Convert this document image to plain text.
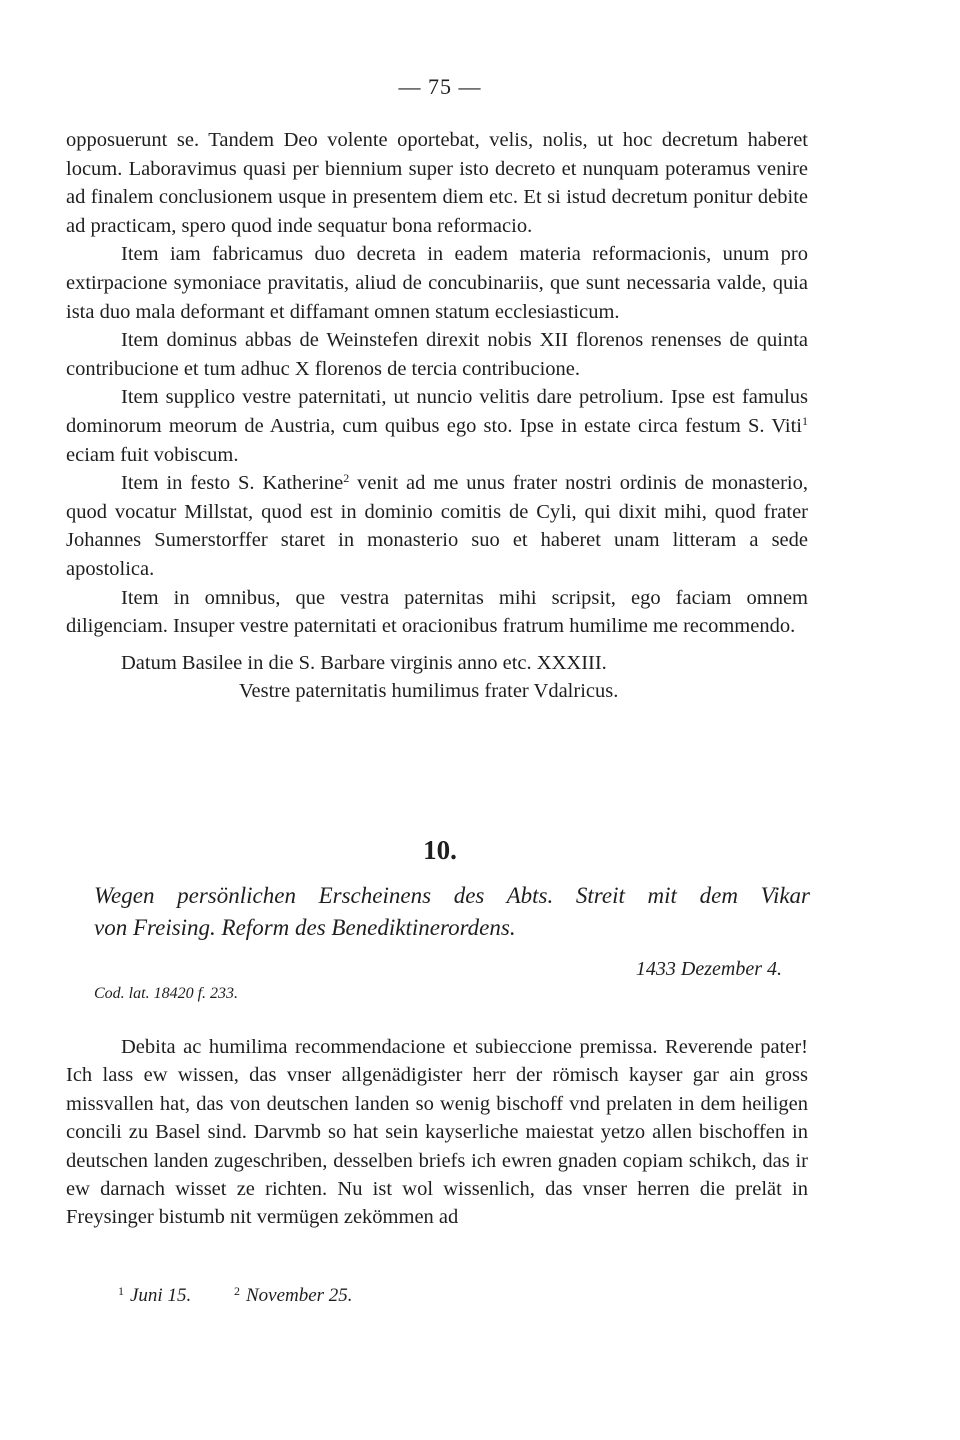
— 75 —

opposuerunt se. Tandem Deo volente oportebat, velis, nolis, ut hoc decretum haberet locum. Laboravimus quasi per biennium super isto decreto et nunquam poteramus venire ad finalem conclusionem usque in presentem diem etc. Et si istud decretum ponitur debite ad practicam, spero quod inde sequatur bona reformacio.

Item iam fabricamus duo decreta in eadem materia reformacionis, unum pro extirpacione symoniace pravitatis, aliud de concubinariis, que sunt necessaria valde, quia ista duo mala deformant et diffamant omnen statum ecclesiasticum.

Item dominus abbas de Weinstefen direxit nobis XII florenos renenses de quinta contribucione et tum adhuc X florenos de tercia contribucione.

Item supplico vestre paternitati, ut nuncio velitis dare petrolium. Ipse est famulus dominorum meorum de Austria, cum quibus ego sto. Ipse in estate circa festum S. Viti$^1$ eciam fuit vobiscum.

Item in festo S. Katherine$^2$ venit ad me unus frater nostri ordinis de monasterio, quod vocatur Millstat, quod est in dominio comitis de Cyli, qui dixit mihi, quod frater Johannes Sumerstorffer staret in monasterio suo et haberet unam litteram a sede apostolica.

Item in omnibus, que vestra paternitas mihi scripsit, ego faciam omnem diligenciam. Insuper vestre paternitati et oracionibus fratrum humilime me recommendo.

Datum Basilee in die S. Barbare virginis anno etc. XXXIII.

Vestre paternitatis humilimus frater Vdalricus.

10.
Wegen persönlichen Erscheinens des Abts. Streit mit dem Vikar
von Freising. Reform des Benediktinerordens.
1433 Dezember 4.
Cod. lat. 18420 f. 233.

Debita ac humilima recommendacione et subieccione premissa. Reverende pater! Ich lass ew wissen, das vnser allgenädigister herr der römisch kayser gar ain gross missvallen hat, das von deutschen landen so wenig bischoff vnd prelaten in dem heiligen concili zu Basel sind. Darvmb so hat sein kayserliche maiestat yetzo allen bischoffen in deutschen landen zugeschriben, desselben briefs ich ewren gnaden copiam schikch, das ir ew darnach wisset ze richten. Nu ist wol wissenlich, das vnser herren die prelät in Freysinger bistumb nit vermügen zekömmen ad

$^1$ Juni 15.	$^2$ November 25.
